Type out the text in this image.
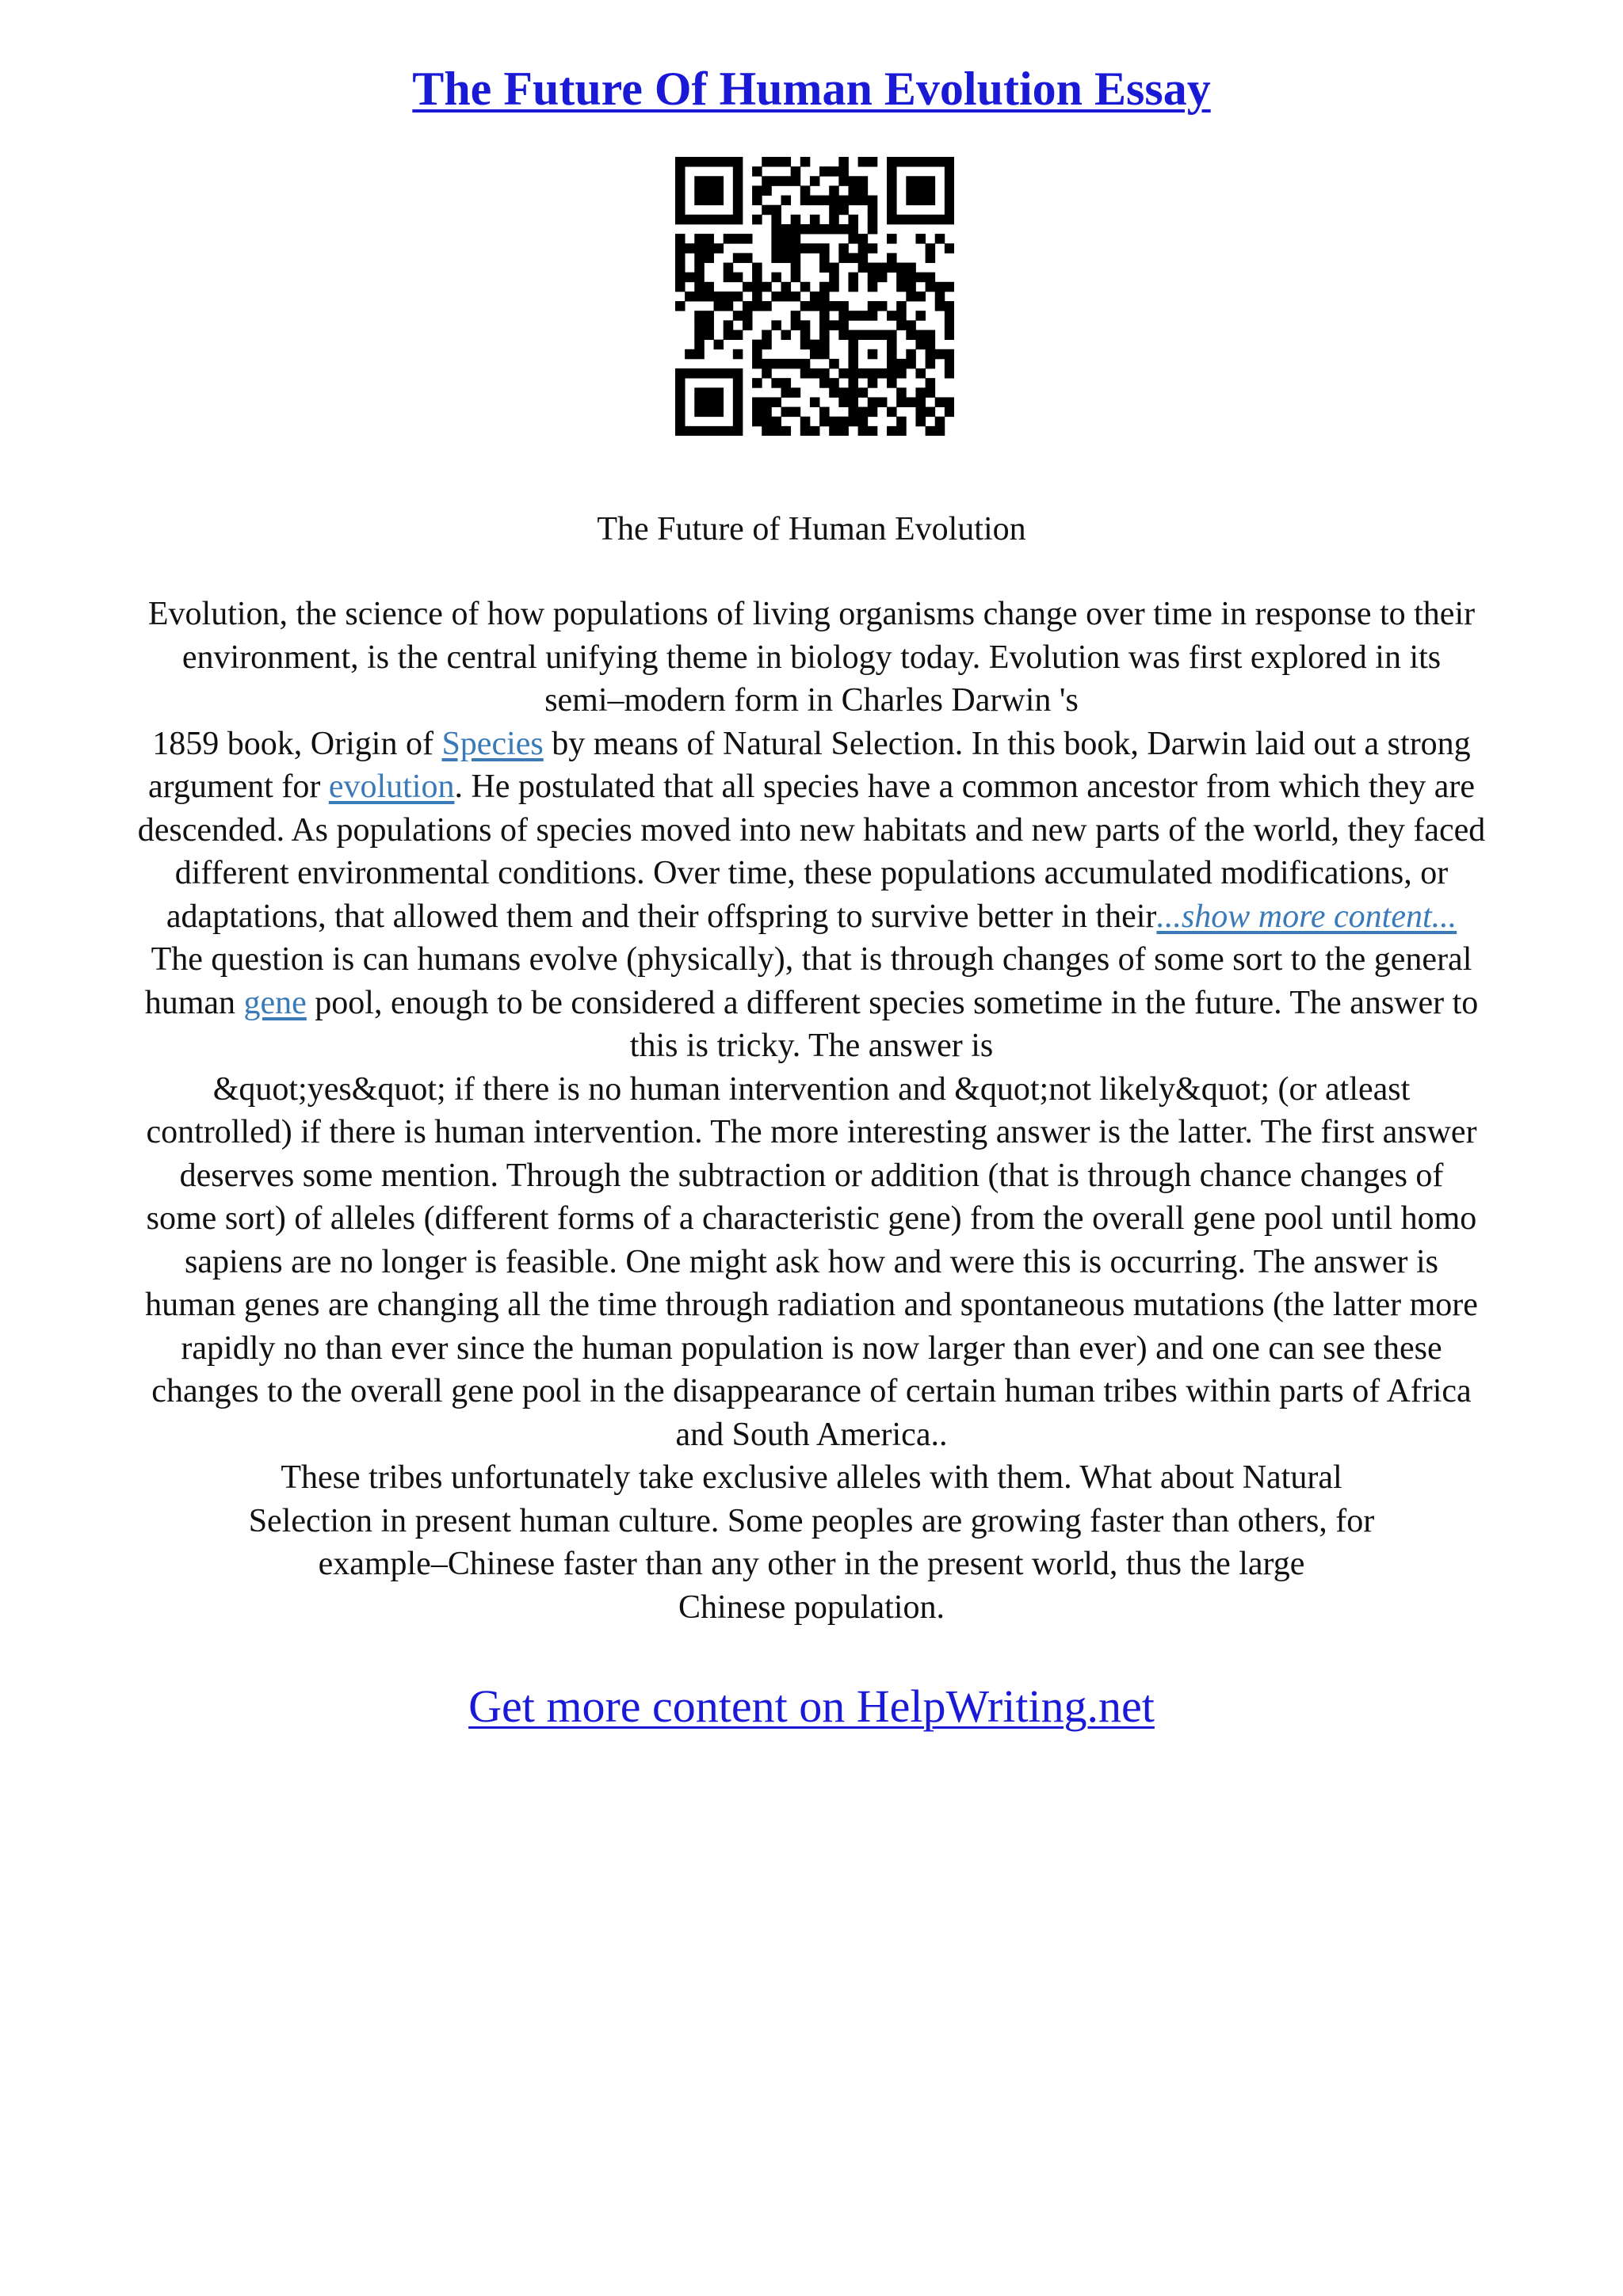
The Future Of Human Evolution Essay

The Future of Human Evolution

Evolution, the science of how populations of living organisms change over time in response to their
environment, is the central unifying theme in biology today. Evolution was first explored in its
semi–modern form in Charles Darwin 's
1859 book, Origin of Species by means of Natural Selection. In this book, Darwin laid out a strong
argument for evolution. He postulated that all species have a common ancestor from which they are
descended. As populations of species moved into new habitats and new parts of the world, they faced
different environmental conditions. Over time, these populations accumulated modifications, or
adaptations, that allowed them and their offspring to survive better in their...show more content...
The question is can humans evolve (physically), that is through changes of some sort to the general
human gene pool, enough to be considered a different species sometime in the future. The answer to
this is tricky. The answer is
&quot;yes&quot; if there is no human intervention and &quot;not likely&quot; (or atleast
controlled) if there is human intervention. The more interesting answer is the latter. The first answer
deserves some mention. Through the subtraction or addition (that is through chance changes of
some sort) of alleles (different forms of a characteristic gene) from the overall gene pool until homo
sapiens are no longer is feasible. One might ask how and were this is occurring. The answer is
human genes are changing all the time through radiation and spontaneous mutations (the latter more
rapidly no than ever since the human population is now larger than ever) and one can see these
changes to the overall gene pool in the disappearance of certain human tribes within parts of Africa
and South America..
These tribes unfortunately take exclusive alleles with them. What about Natural
Selection in present human culture. Some peoples are growing faster than others, for
example–Chinese faster than any other in the present world, thus the large
Chinese population.
Get more content on HelpWriting.net
